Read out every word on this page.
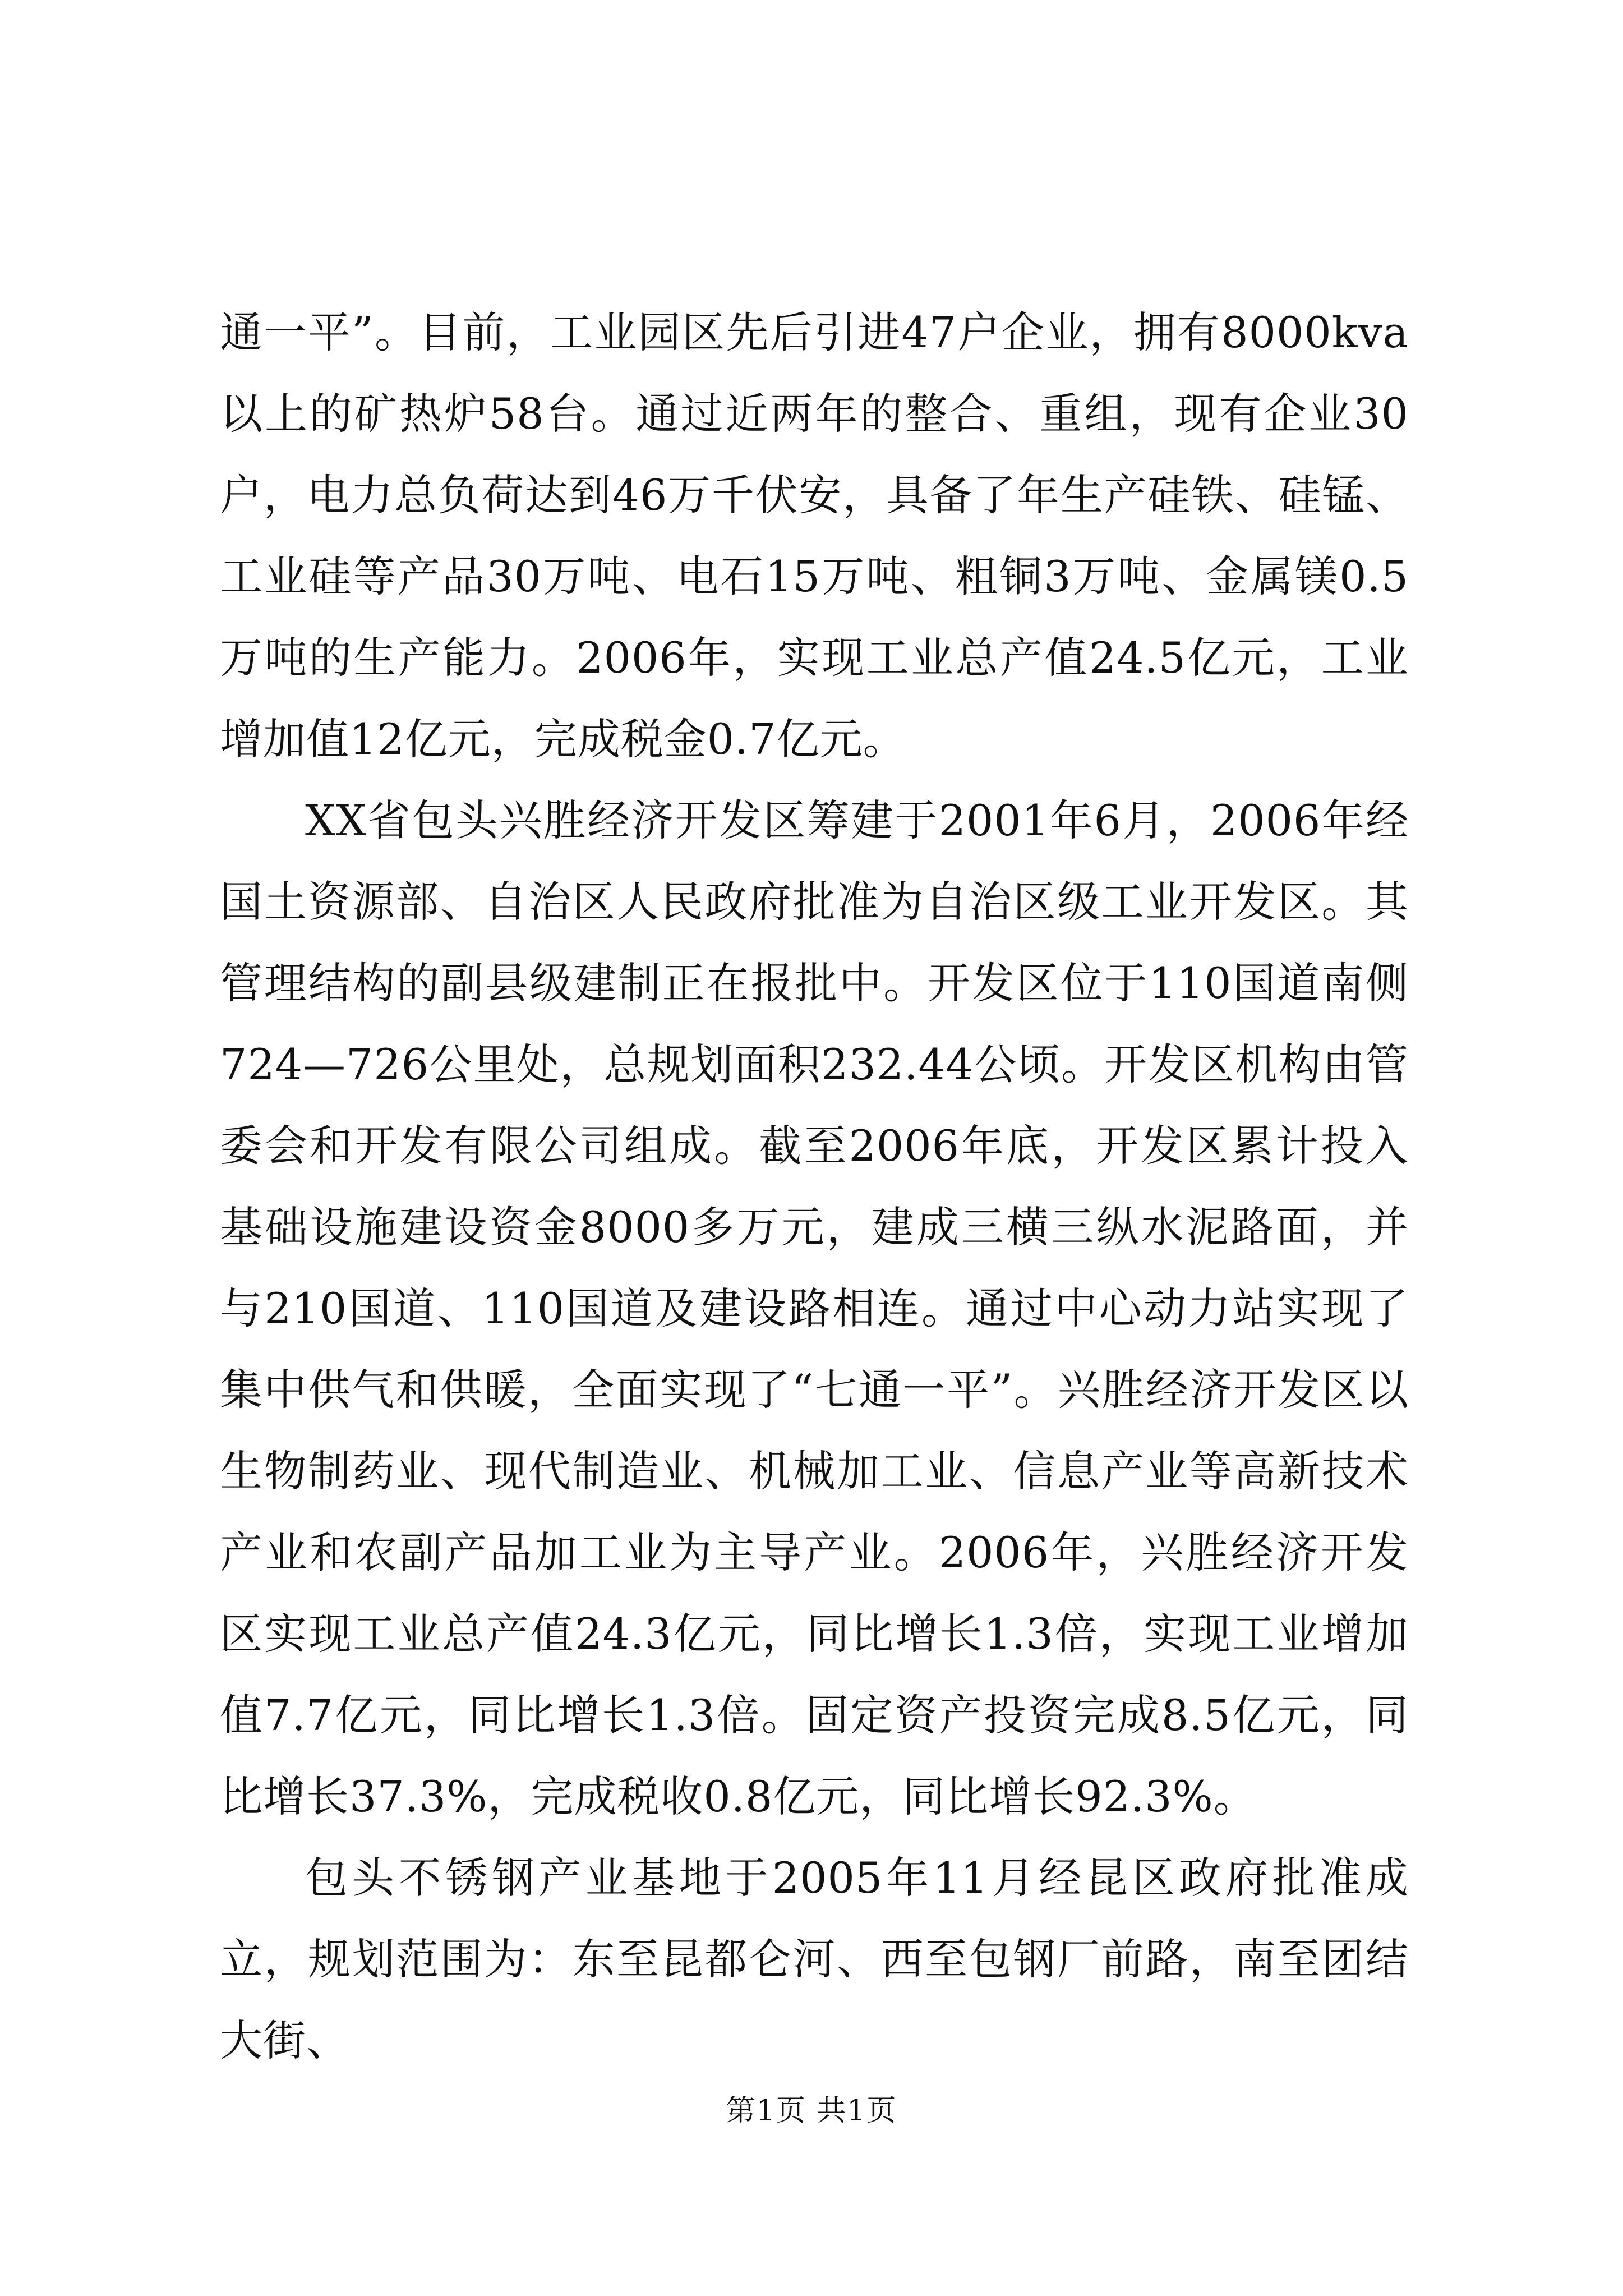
通一平”。目前，工业园区先后引进47户企业，拥有8000kva以上的矿热炉58台。通过近两年的整合、重组，现有企业30户，电力总负荷达到46万千伏安，具备了年生产硅铁、硅锰、工业硅等产品30万吨、电石15万吨、粗铜3万吨、金属镁0.5万吨的生产能力。2006年，实现工业总产值24.5亿元，工业增加值12亿元，完成税金0.7亿元。

XX省包头兴胜经济开发区筹建于2001年6月，2006年经国土资源部、自治区人民政府批准为自治区级工业开发区。其管理结构的副县级建制正在报批中。开发区位于110国道南侧724—726公里处，总规划面积232.44公顷。开发区机构由管委会和开发有限公司组成。截至2006年底，开发区累计投入基础设施建设资金8000多万元，建成三横三纵水泥路面，并与210国道、110国道及建设路相连。通过中心动力站实现了集中供气和供暖，全面实现了“七通一平”。兴胜经济开发区以生物制药业、现代制造业、机械加工业、信息产业等高新技术产业和农副产品加工业为主导产业。2006年，兴胜经济开发区实现工业总产值24.3亿元，同比增长1.3倍，实现工业增加值7.7亿元，同比增长1.3倍。固定资产投资完成8.5亿元，同比增长37.3%，完成税收0.8亿元，同比增长92.3%。

包头不锈钢产业基地于2005年11月经昆区政府批准成立，规划范围为：东至昆都仑河、西至包钢厂前路，南至团结大街、

第1页 共1页
